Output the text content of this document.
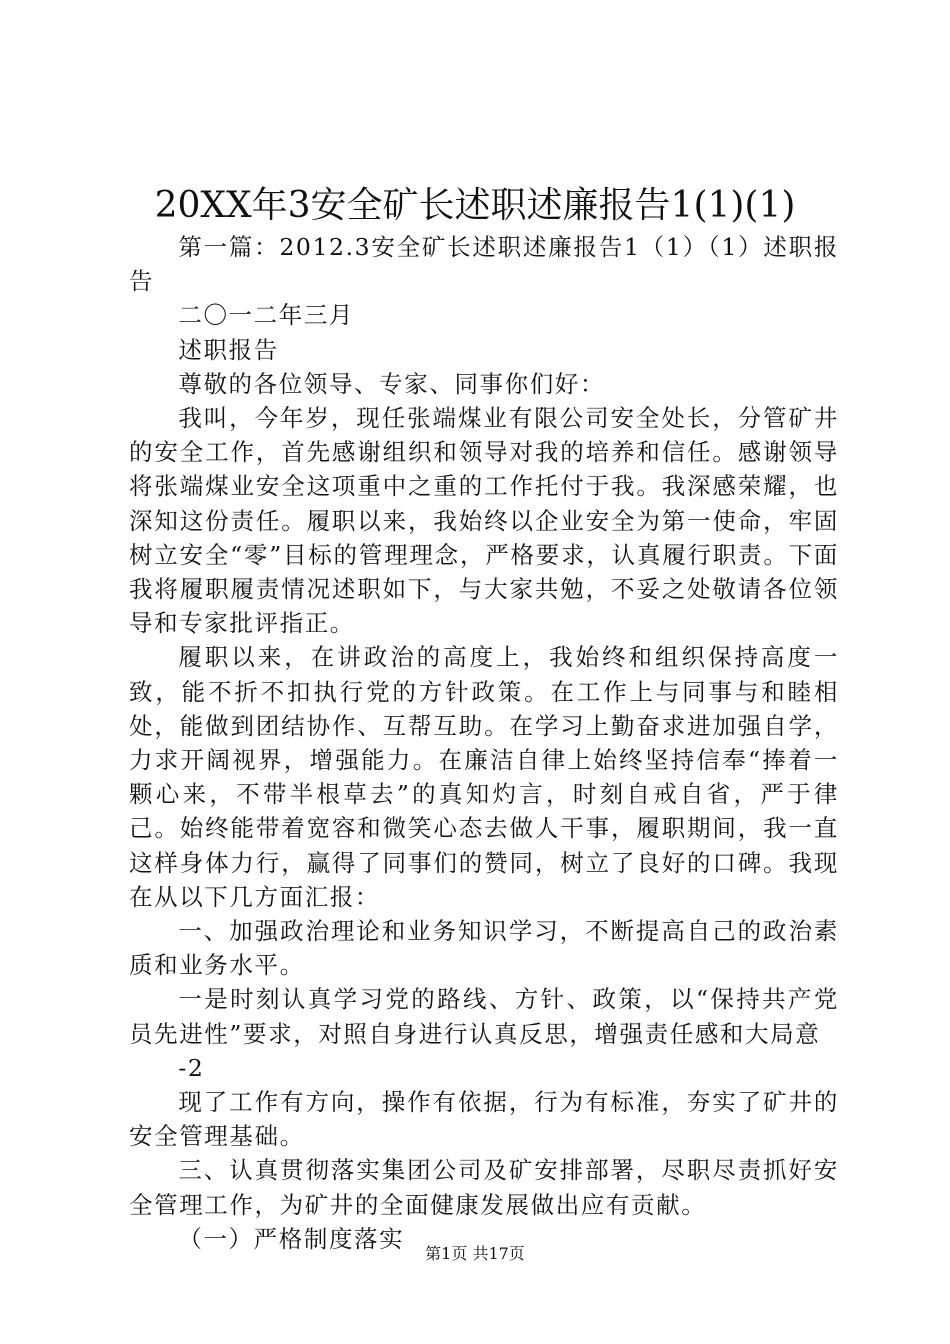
20XX年3安全矿长述职述廉报告1(1)(1)

第一篇：2012.3安全矿长述职述廉报告1（1）（1）述职报告

二〇一二年三月

述职报告

尊敬的各位领导、专家、同事你们好：

我叫，今年岁，现任张端煤业有限公司安全处长，分管矿井的安全工作，首先感谢组织和领导对我的培养和信任。感谢领导将张端煤业安全这项重中之重的工作托付于我。我深感荣耀，也深知这份责任。履职以来，我始终以企业安全为第一使命，牢固树立安全“零”目标的管理理念，严格要求，认真履行职责。下面我将履职履责情况述职如下，与大家共勉，不妥之处敬请各位领导和专家批评指正。

履职以来，在讲政治的高度上，我始终和组织保持高度一致，能不折不扣执行党的方针政策。在工作上与同事与和睦相处，能做到团结协作、互帮互助。在学习上勤奋求进加强自学，力求开阔视界，增强能力。在廉洁自律上始终坚持信奉“捧着一颗心来，不带半根草去”的真知灼言，时刻自戒自省，严于律己。始终能带着宽容和微笑心态去做人干事，履职期间，我一直这样身体力行，赢得了同事们的赞同，树立了良好的口碑。我现在从以下几方面汇报：

一、加强政治理论和业务知识学习，不断提高自己的政治素质和业务水平。

一是时刻认真学习党的路线、方针、政策，以“保持共产党员先进性”要求，对照自身进行认真反思，增强责任感和大局意

-2

现了工作有方向，操作有依据，行为有标准，夯实了矿井的安全管理基础。

三、认真贯彻落实集团公司及矿安排部署，尽职尽责抓好安全管理工作，为矿井的全面健康发展做出应有贡献。

（一）严格制度落实

第1页 共17页
